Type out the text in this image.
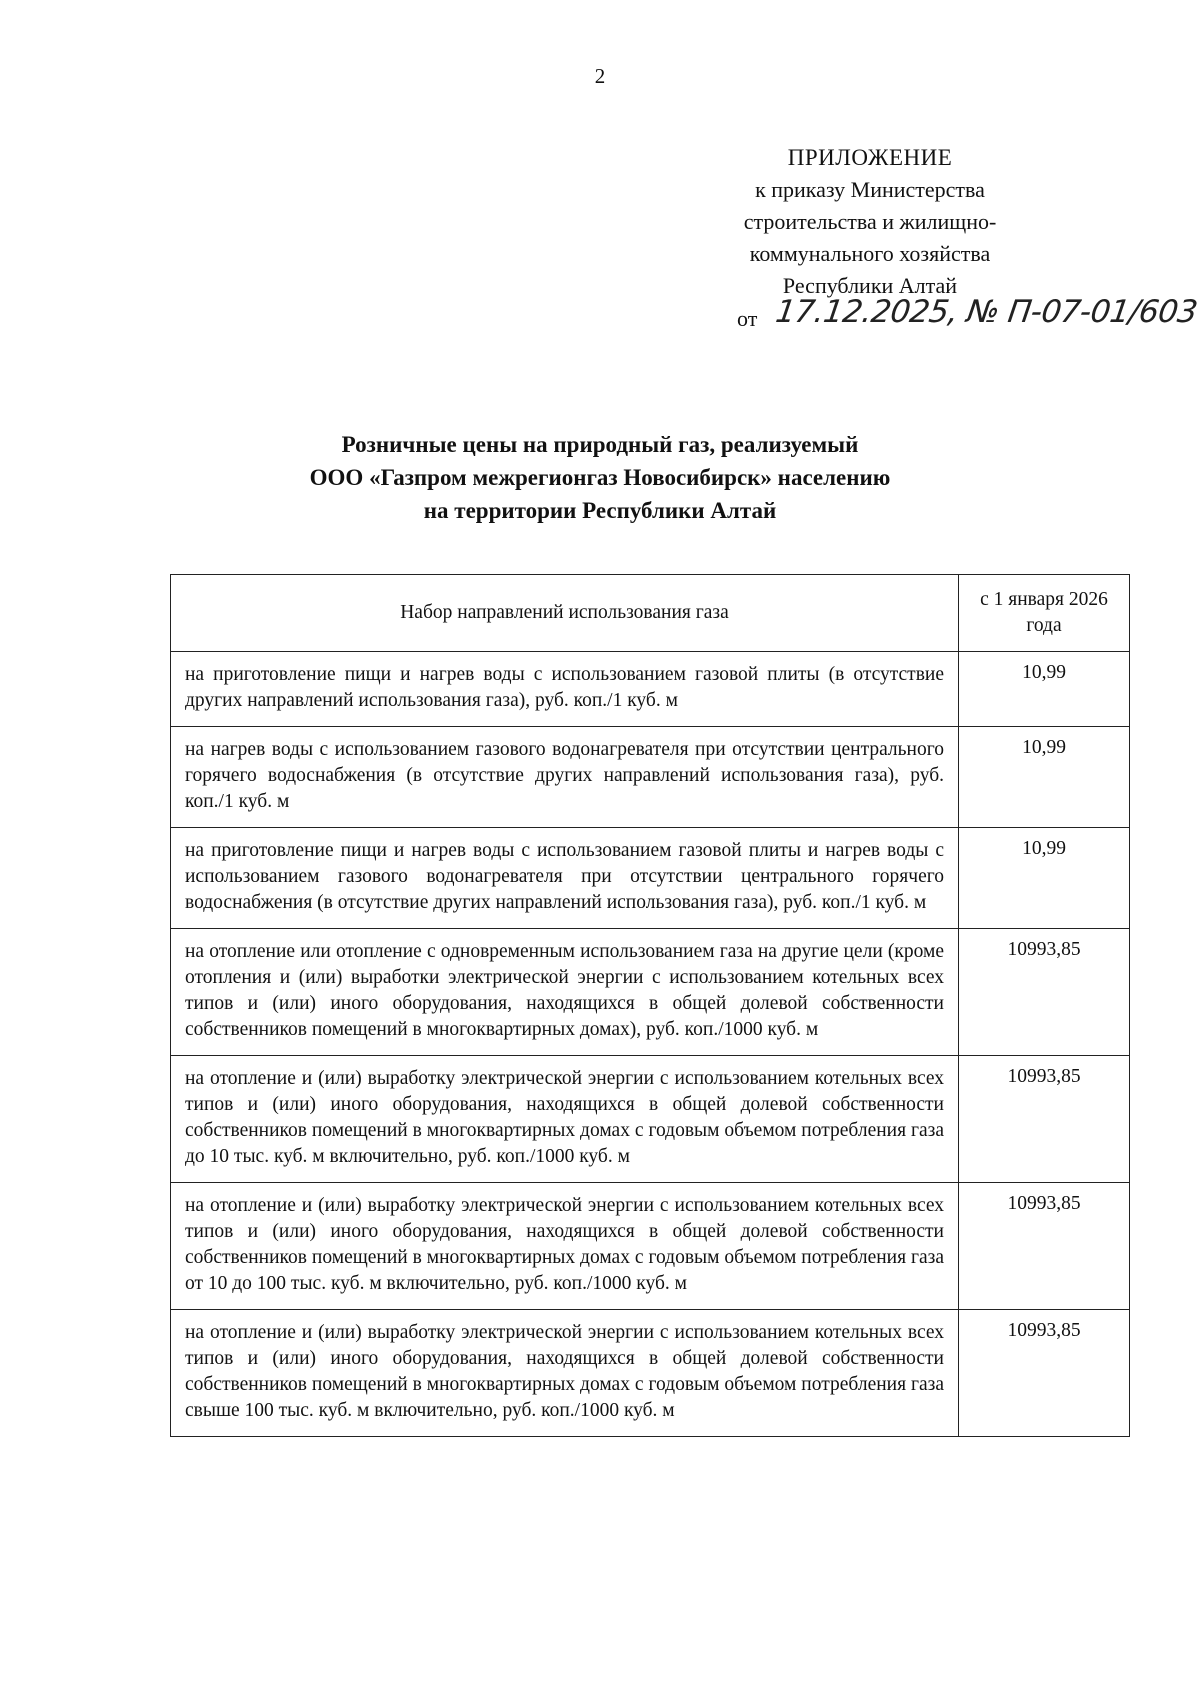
2
ПРИЛОЖЕНИЕ
к приказу Министерства
строительства и жилищно-
коммунального хозяйства
Республики Алтай
от 17.12.2025, № П-07-01/603
Розничные цены на природный газ, реализуемый
ООО «Газпром межрегионгаз Новосибирск» населению
на территории Республики Алтай
Набор направлений использования газа	с 1 января 2026 года
на приготовление пищи и нагрев воды с использованием газовой плиты (в отсутствие других направлений использования газа), руб. коп./1 куб. м	10,99
на нагрев воды с использованием газового водонагревателя при отсутствии центрального горячего водоснабжения (в отсутствие других направлений использования газа), руб. коп./1 куб. м	10,99
на приготовление пищи и нагрев воды с использованием газовой плиты и нагрев воды с использованием газового водонагревателя при отсутствии центрального горячего водоснабжения (в отсутствие других направлений использования газа), руб. коп./1 куб. м	10,99
на отопление или отопление с одновременным использованием газа на другие цели (кроме отопления и (или) выработки электрической энергии с использованием котельных всех типов и (или) иного оборудования, находящихся в общей долевой собственности собственников помещений в многоквартирных домах), руб. коп./1000 куб. м	10993,85
на отопление и (или) выработку электрической энергии с использованием котельных всех типов и (или) иного оборудования, находящихся в общей долевой собственности собственников помещений в многоквартирных домах с годовым объемом потребления газа до 10 тыс. куб. м включительно, руб. коп./1000 куб. м	10993,85
на отопление и (или) выработку электрической энергии с использованием котельных всех типов и (или) иного оборудования, находящихся в общей долевой собственности собственников помещений в многоквартирных домах с годовым объемом потребления газа от 10 до 100 тыс. куб. м включительно, руб. коп./1000 куб. м	10993,85
на отопление и (или) выработку электрической энергии с использованием котельных всех типов и (или) иного оборудования, находящихся в общей долевой собственности собственников помещений в многоквартирных домах с годовым объемом потребления газа свыше 100 тыс. куб. м включительно, руб. коп./1000 куб. м	10993,85
